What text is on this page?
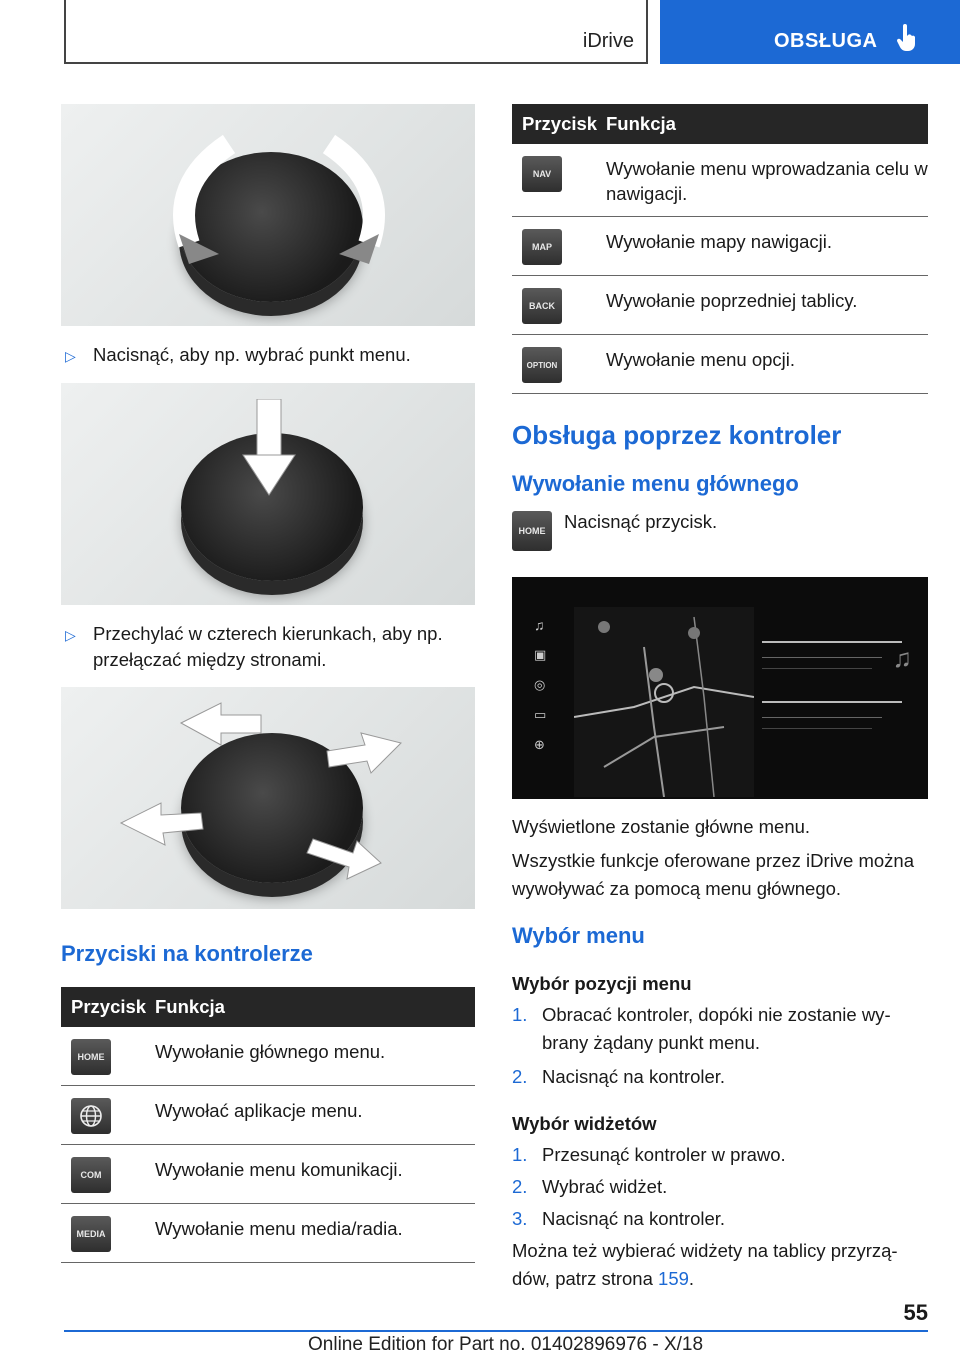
iDrive	OBSŁUGA
▷ Nacisnąć, aby np. wybrać punkt menu.
▷ Przechylać w czterech kierunkach, aby np. przełączać między stronami.
Przyciski na kontrolerze
Przycisk	Funkcja

HOME	Wywołanie głównego menu.

	Wywołać aplikacje menu.

COM	Wywołanie menu komunikacji.

MEDIA	Wywołanie menu media/radia.
Przycisk	Funkcja

NAV	Wywołanie menu wprowadzania celu w nawigacji.

MAP	Wywołanie mapy nawigacji.

BACK	Wywołanie poprzedniej tablicy.

OPTION	Wywołanie menu opcji.
Obsługa poprzez kontroler
Wywołanie menu głównego
HOME	Nacisnąć przycisk.
♫
▣
◎
▭
⊕
♫
Wyświetlone zostanie główne menu.
Wszystkie funkcje oferowane przez iDrive można wywoływać za pomocą menu głównego.
Wybór menu
Wybór pozycji menu
1. Obracać kontroler, dopóki nie zostanie wybrany żądany punkt menu.
2. Nacisnąć na kontroler.
Wybór widżetów
1. Przesunąć kontroler w prawo.
2. Wybrać widżet.
3. Nacisnąć na kontroler.
Można też wybierać widżety na tablicy przyrządów, patrz strona 159.
55
Online Edition for Part no. 01402896976 - X/18
